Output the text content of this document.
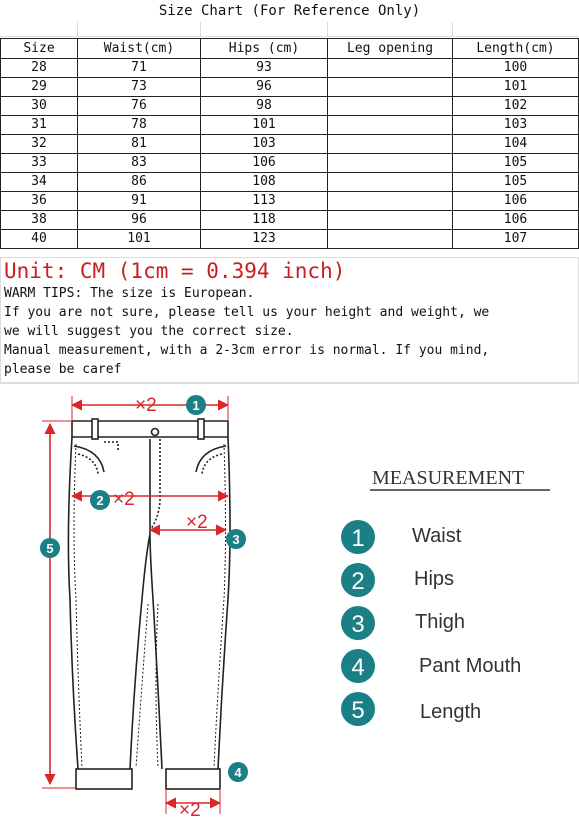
Size Chart (For Reference Only)
Size	Waist(cm)	Hips (cm)	Leg opening	Length(cm)
28	71	93		100
29	73	96		101
30	76	98		102
31	78	101		103
32	81	103		104
33	83	106		105
34	86	108		105
36	91	113		106
38	96	118		106
40	101	123		107
Unit: CM (1cm = 0.394 inch)
WARM TIPS: The size is European.
If you are not sure, please tell us your height and weight, we
we will suggest you the correct size.
Manual measurement, with a 2-3cm error is normal. If you mind,
please be caref
×2
×2
×2
×2
1
2
3
4
5
MEASUREMENT
1 Waist
2 Hips
3	Thigh
4	Pant Mouth
5	Length
